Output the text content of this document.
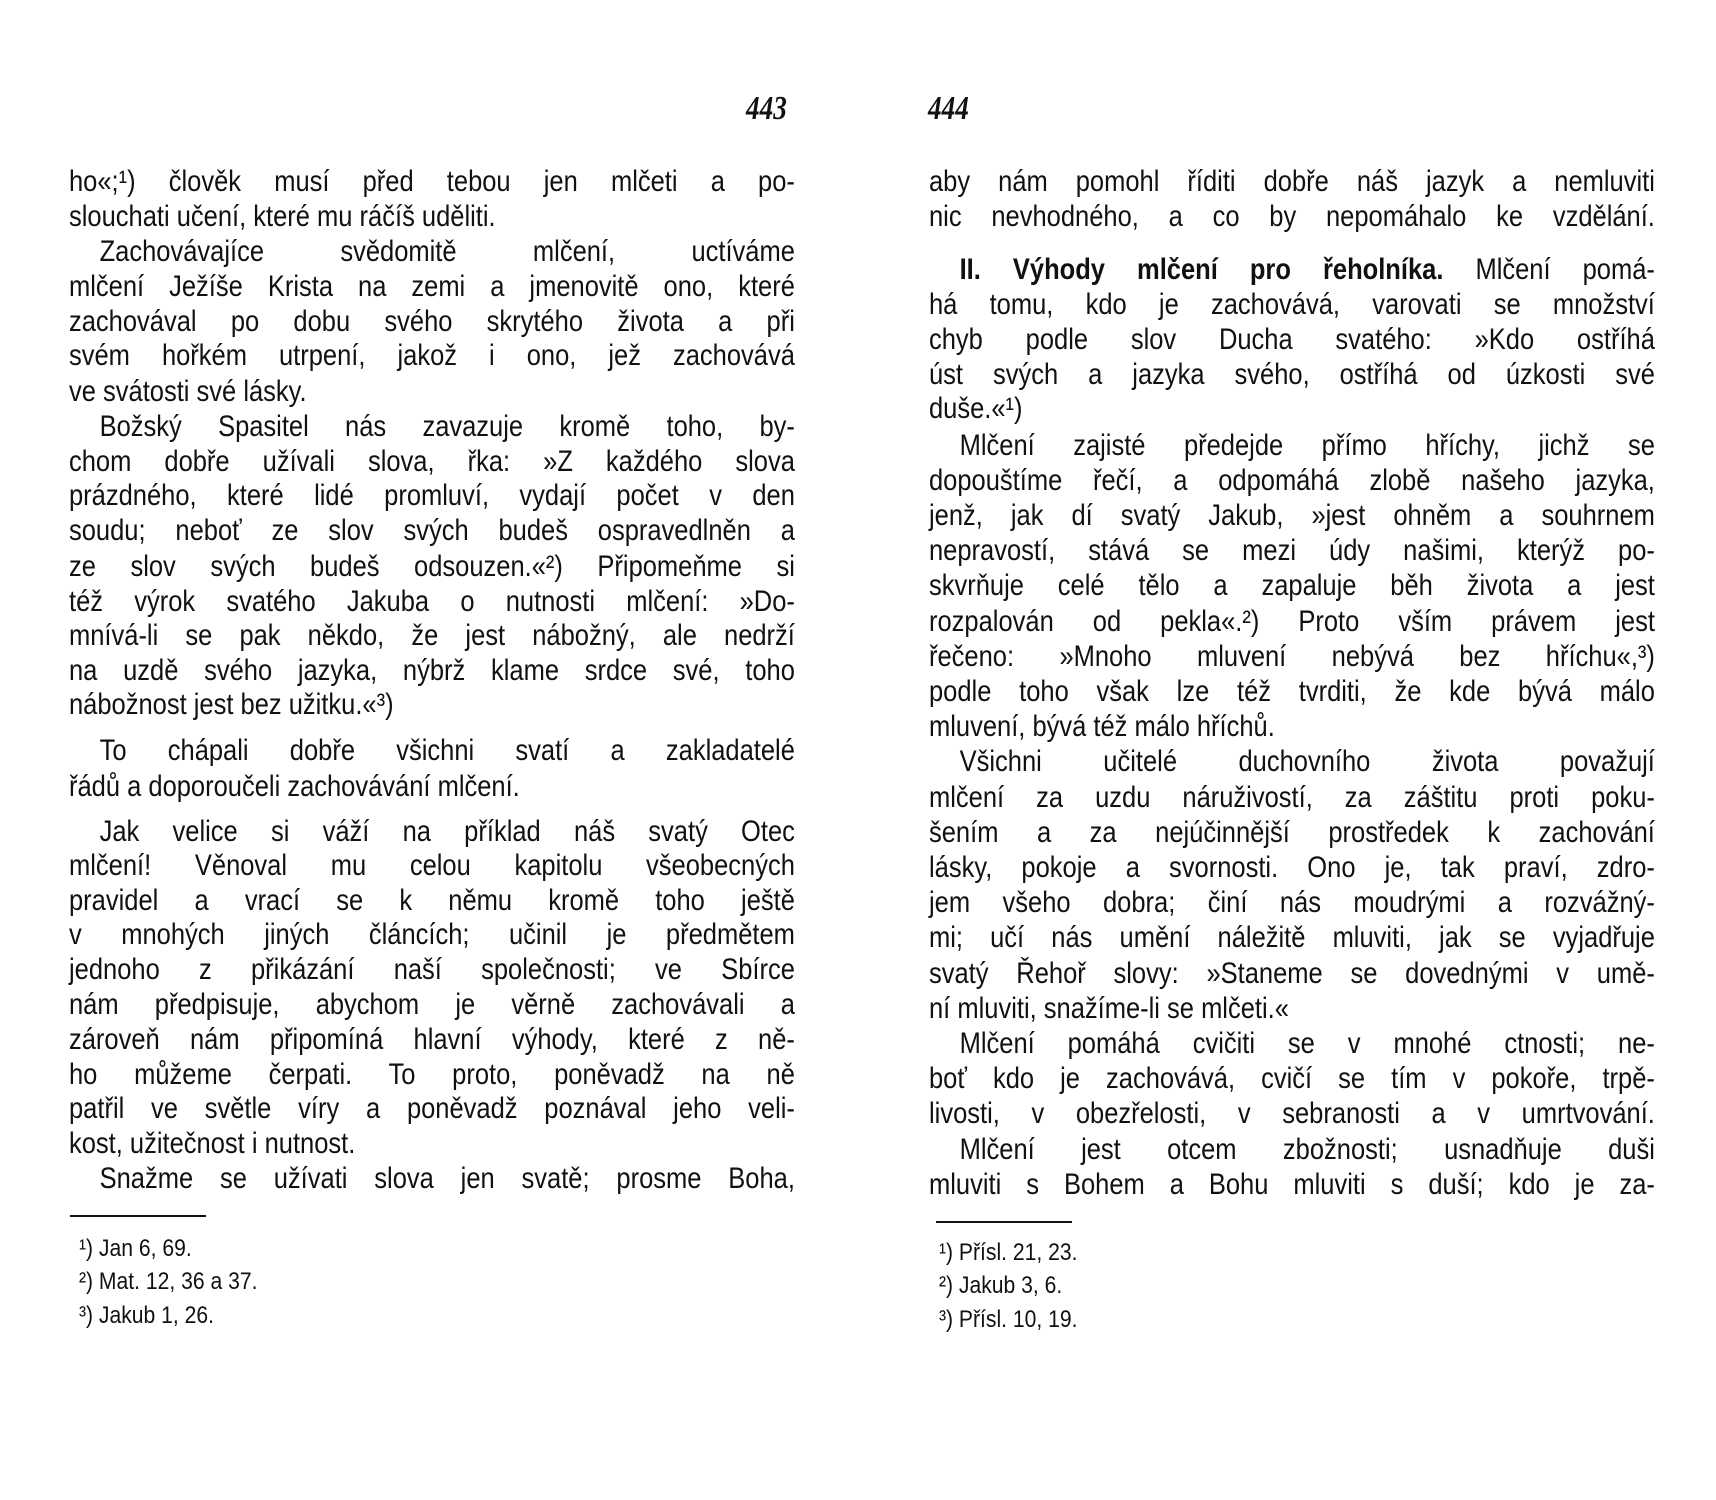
443	444
ho«;¹) člověk musí před tebou jen mlčeti a po-
slouchati učení, které mu ráčíš uděliti.
Zachovávajíce svědomitě mlčení, uctíváme
mlčení Ježíše Krista na zemi a jmenovitě ono, které
zachovával po dobu svého skrytého života a při
svém hořkém utrpení, jakož i ono, jež zachovává
ve svátosti své lásky.
Božský Spasitel nás zavazuje kromě toho, by-
chom dobře užívali slova, řka: »Z každého slova
prázdného, které lidé promluví, vydají počet v den
soudu; neboť ze slov svých budeš ospravedlněn a
ze slov svých budeš odsouzen.«²) Připomeňme si
též výrok svatého Jakuba o nutnosti mlčení: »Do-
mnívá-li se pak někdo, že jest nábožný, ale nedrží
na uzdě svého jazyka, nýbrž klame srdce své, toho
nábožnost jest bez užitku.«³)
To chápali dobře všichni svatí a zakladatelé
řádů a doporoučeli zachovávání mlčení.
Jak velice si váží na příklad náš svatý Otec
mlčení! Věnoval mu celou kapitolu všeobecných
pravidel a vrací se k němu kromě toho ještě
v mnohých jiných článcích; učinil je předmětem
jednoho z přikázání naší společnosti; ve Sbírce
nám předpisuje, abychom je věrně zachovávali a
zároveň nám připomíná hlavní výhody, které z ně-
ho můžeme čerpati. To proto, poněvadž na ně
patřil ve světle víry a poněvadž poznával jeho veli-
kost, užitečnost i nutnost.
Snažme se užívati slova jen svatě; prosme Boha,
¹) Jan 6, 69.
²) Mat. 12, 36 a 37.
³) Jakub 1, 26.
aby nám pomohl říditi dobře náš jazyk a nemluviti
nic nevhodného, a co by nepomáhalo ke vzdělání.
II. Výhody mlčení pro řeholníka. Mlčení pomá-
há tomu, kdo je zachovává, varovati se množství
chyb podle slov Ducha svatého: »Kdo ostříhá
úst svých a jazyka svého, ostříhá od úzkosti své
duše.«¹)
Mlčení zajisté předejde přímo hříchy, jichž se
dopouštíme řečí, a odpomáhá zlobě našeho jazyka,
jenž, jak dí svatý Jakub, »jest ohněm a souhrnem
nepravostí, stává se mezi údy našimi, kterýž po-
skvrňuje celé tělo a zapaluje běh života a jest
rozpalován od pekla«.²) Proto vším právem jest
řečeno: »Mnoho mluvení nebývá bez hříchu«,³)
podle toho však lze též tvrditi, že kde bývá málo
mluvení, bývá též málo hříchů.
Všichni učitelé duchovního života považují
mlčení za uzdu náruživostí, za záštitu proti poku-
šením a za nejúčinnější prostředek k zachování
lásky, pokoje a svornosti. Ono je, tak praví, zdro-
jem všeho dobra; činí nás moudrými a rozvážný-
mi; učí nás umění náležitě mluviti, jak se vyjadřuje
svatý Řehoř slovy: »Staneme se dovednými v umě-
ní mluviti, snažíme-li se mlčeti.«
Mlčení pomáhá cvičiti se v mnohé ctnosti; ne-
boť kdo je zachovává, cvičí se tím v pokoře, trpě-
livosti, v obezřelosti, v sebranosti a v umrtvování.
Mlčení jest otcem zbožnosti; usnadňuje duši
mluviti s Bohem a Bohu mluviti s duší; kdo je za-
¹) Přísl. 21, 23.
²) Jakub 3, 6.
³) Přísl. 10, 19.
